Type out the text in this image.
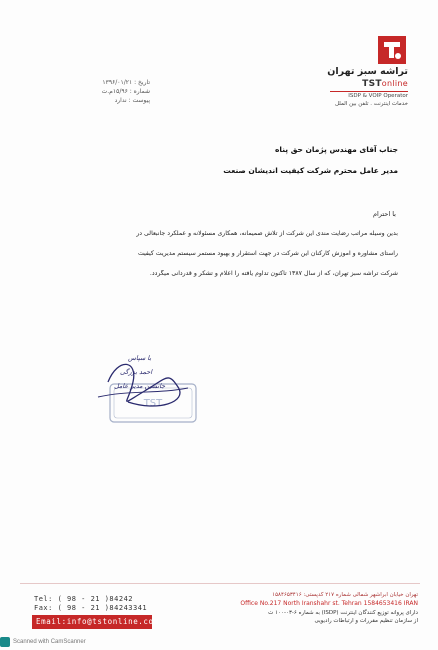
تراشه سبز تهران
TSTonline
ISDP & VOIP Operator
خدمات اینترنت . تلفن بین الملل
تاریخ : ۱۳۹۶/۰۱/۲۱
شماره : ۱۵/۹۶م.ت
پیوست : ندارد
جناب آقای مهندس پژمان حق پناه
مدیر عامل محترم شرکت کیفیت اندیشان صنعت
با احترام
بدین وسیله مراتب رضایت مندی این شرکت از تلاش صمیمانه، همکاری مسئولانه و عملکرد جانبعالی در
راستای مشاوره و آموزش کارکنان این شرکت در جهت استقرار و بهبود مستمر سیستم مدیریت کیفیت
شرکت تراشه سبز تهران، که از سال ۱۳۸۷ تاکنون تداوم یافته را اعلام و تشکر و قدردانی میگردد.
TST
با سپاس
احمد بزرگی
جانشین مدیر عامل
Tel: ( 98 - 21 )84242
Fax: ( 98 - 21 )84243341
Email:info@tstonline.com
تهران خیابان ابراشهر شمالی شماره ۲۱۷ کدپستی: ۱۵۸۴۶۵۳۴۱۶
Office No.217 North Iranshahr st. Tehran 1584653416 IRAN
دارای پروانه توزیع کنندگان اینترنت (ISDP) به شماره ۶-۰۳-۱۰۰ ت
از سازمان تنظیم مقررات و ارتباطات رادیویی
Scanned with CamScanner
